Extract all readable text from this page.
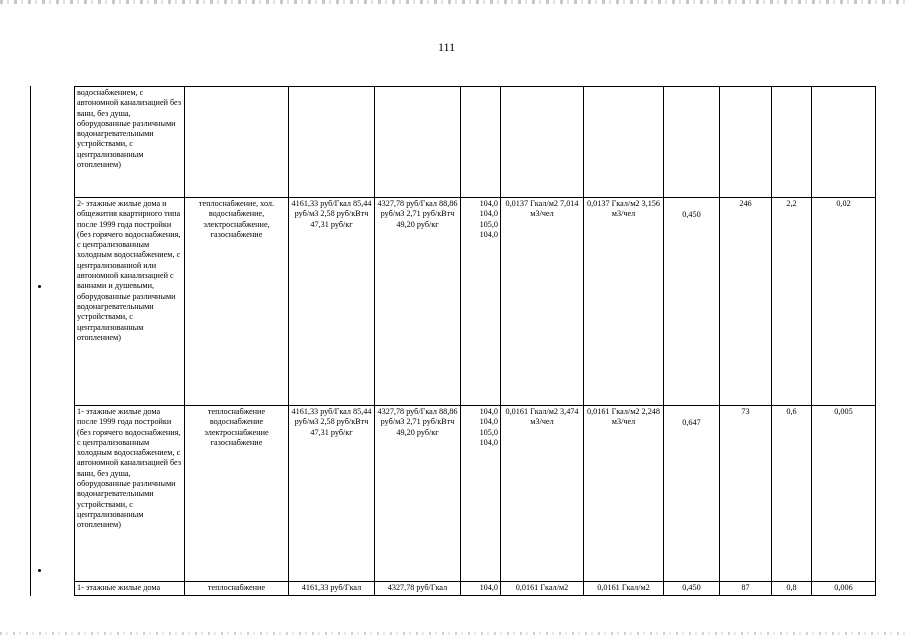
111
водоснабжением, с автономной канализацией без ванн, без душа, оборудованные различными водонагревательными устройствами, с централизованным отоплением)										
2- этажные жилые дома и общежития квартирного типа после 1999 года постройки (без горячего водоснабжения, с централизованным холодным водоснабжением, с централизованной или автономной канализацией с ваннами и душевыми, оборудованные различными водонагревательными устройствами, с централизованным отоплением)	теплоснабжение, хол. водоснабжение, электроснабжение, газоснабжение	4161,33 руб/Гкал 85,44 руб/м3 2,58 руб/кВтч 47,31 руб/кг	4327,78 руб/Гкал 88,86 руб/м3 2,71 руб/кВтч 49,20 руб/кг	104,0 104,0 105,0 104,0	0,0137 Гкал/м2 7,014 м3/чел	0,0137 Гкал/м2 3,156 м3/чел	0,450	246	2,2	0,02
1- этажные жилые дома после 1999 года постройки (без горячего водоснабжения, с централизованным холодным водоснабжением, с автономной канализацией без ванн, без душа, оборудованные различными водонагревательными устройствами, с централизованным отоплением)	теплоснабжение водоснабжение электроснабжение газоснабжение	4161,33 руб/Гкал 85,44 руб/м3 2,58 руб/кВтч 47,31 руб/кг	4327,78 руб/Гкал 88,86 руб/м3 2,71 руб/кВтч 49,20 руб/кг	104,0 104,0 105,0 104,0	0,0161 Гкал/м2 3,474 м3/чел	0,0161 Гкал/м2 2,248 м3/чел	0,647	73	0,6	0,005
1- этажные жилые дома	теплоснабжение	4161,33 руб/Гкал	4327,78 руб/Гкал	104,0	0,0161 Гкал/м2	0,0161 Гкал/м2	0,450	87	0,8	0,006
